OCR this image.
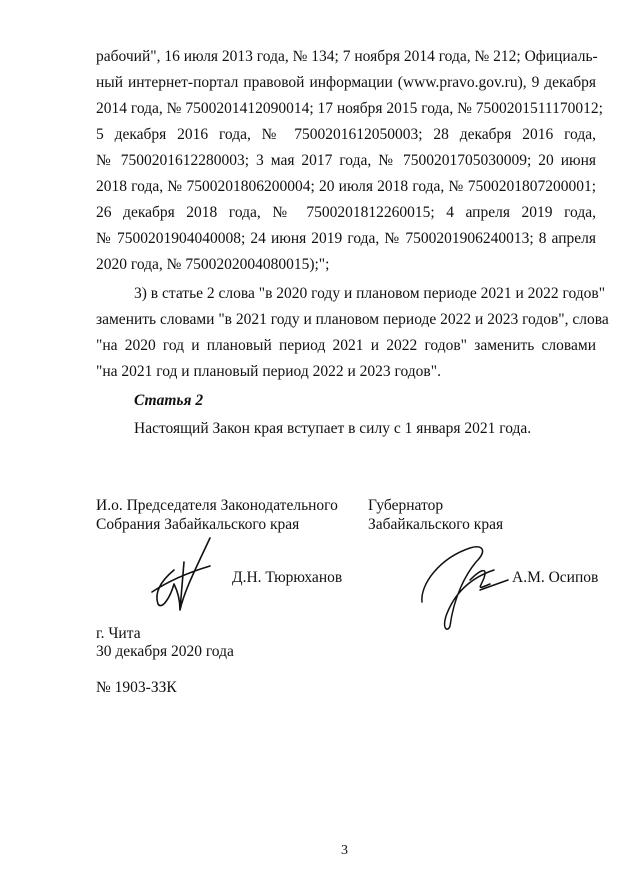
рабочий", 16 июля 2013 года, № 134; 7 ноября 2014 года, № 212; Официаль-
ный интернет-портал правовой информации (www.pravo.gov.ru), 9 декабря
2014 года, № 7500201412090014; 17 ноября 2015 года, № 7500201511170012;
5 декабря 2016 года, № 7500201612050003; 28 декабря 2016 года,
№ 7500201612280003; 3 мая 2017 года, № 7500201705030009; 20 июня
2018 года, № 7500201806200004; 20 июля 2018 года, № 7500201807200001;
26 декабря 2018 года, № 7500201812260015; 4 апреля 2019 года,
№ 7500201904040008; 24 июня 2019 года, № 7500201906240013; 8 апреля
2020 года, № 7500202004080015);";
3) в статье 2 слова "в 2020 году и плановом периоде 2021 и 2022 годов"
заменить словами "в 2021 году и плановом периоде 2022 и 2023 годов", слова
"на 2020 год и плановый период 2021 и 2022 годов" заменить словами
"на 2021 год и плановый период 2022 и 2023 годов".
Статья 2
Настоящий Закон края вступает в силу с 1 января 2021 года.
И.о. Председателя Законодательного
Собрания Забайкальского края
Д.Н. Тюрюханов
Губернатор
Забайкальского края
А.М. Осипов
г. Чита
30 декабря 2020 года
№ 1903-ЗЗК
3
